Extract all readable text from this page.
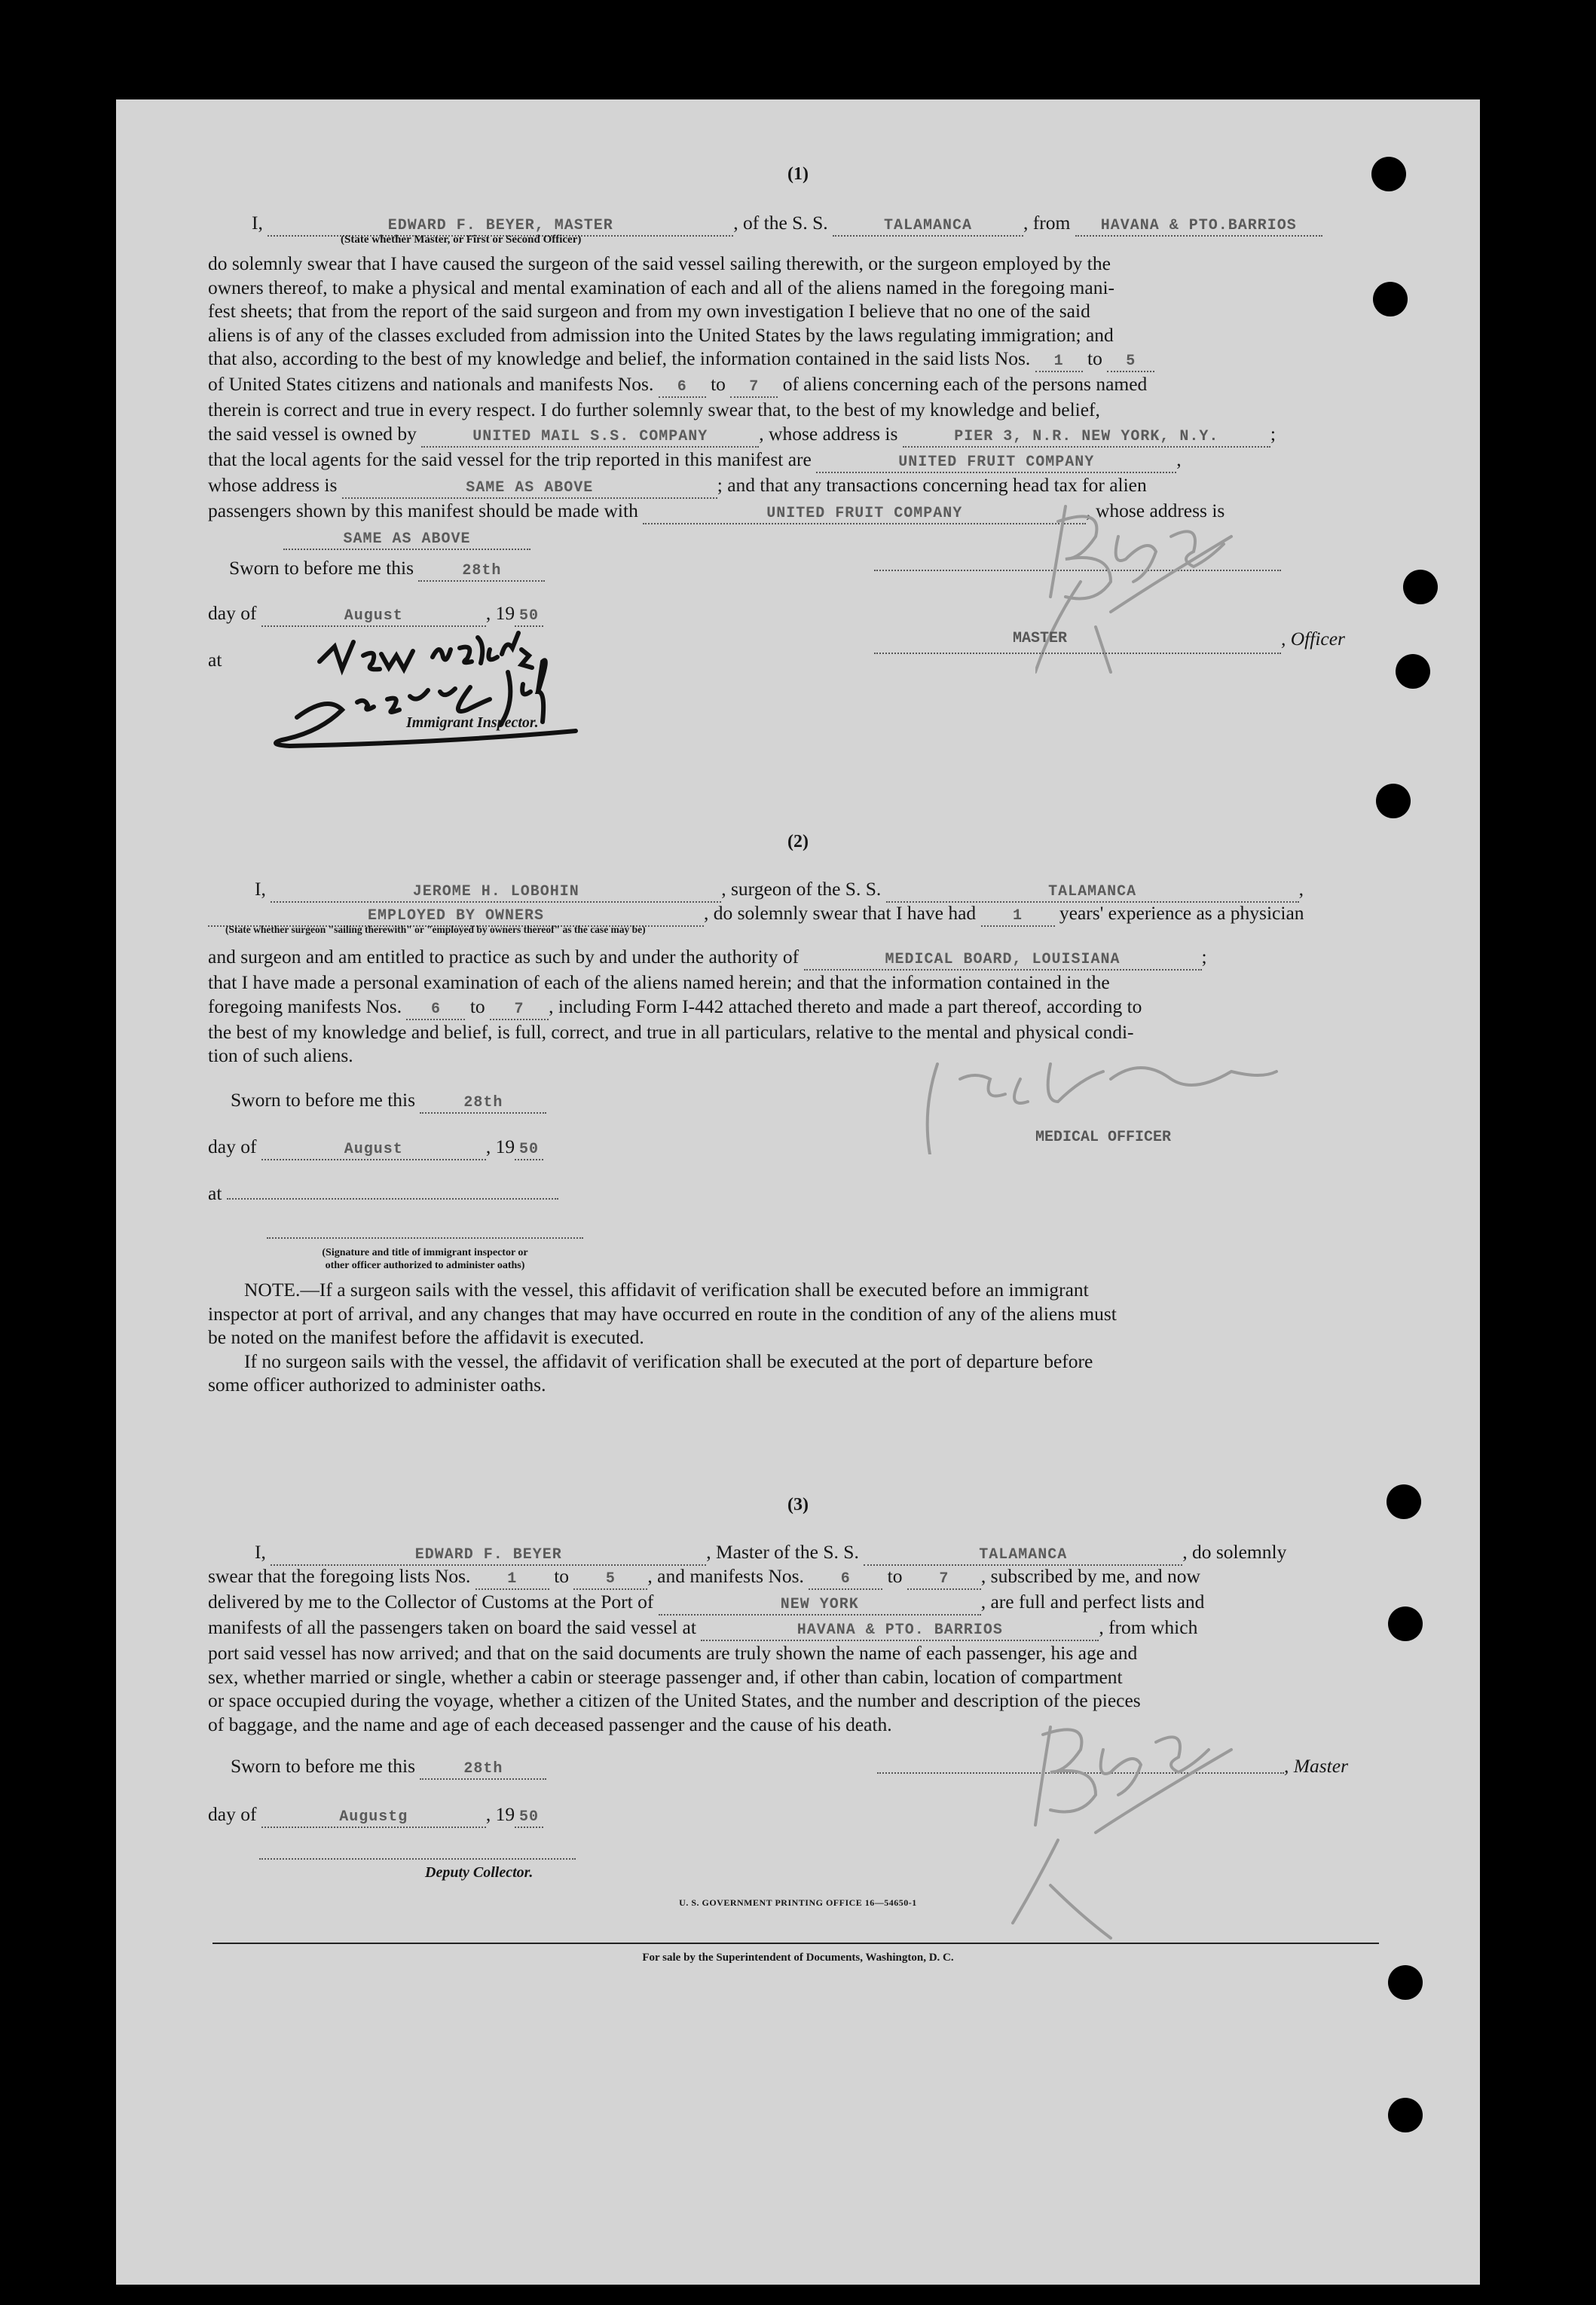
(1)
I,	EDWARD F. BEYER, MASTER	, of the S. S.	TALAMANCA	, from HAVANA & PTO.BARRIOS
(State whether Master, or First or Second Officer)
do solemnly swear that I have caused the surgeon of the said vessel sailing therewith, or the surgeon employed by the
owners thereof, to make a physical and mental examination of each and all of the aliens named in the foregoing mani-
fest sheets; that from the report of the said surgeon and from my own investigation I believe that no one of the said
aliens is of any of the classes excluded from admission into the United States by the laws regulating immigration; and
that also, according to the best of my knowledge and belief, the information contained in the said lists Nos. 1 to 5
of United States citizens and nationals and manifests Nos. 6 to 7 of aliens concerning each of the persons named
therein is correct and true in every respect. I do further solemnly swear that, to the best of my knowledge and belief,
the said vessel is owned by	UNITED MAIL S.S. COMPANY	, whose address is	PIER 3, N.R. NEW YORK, N.Y.	;
that the local agents for the said vessel for the trip reported in this manifest are	UNITED FRUIT COMPANY	,
whose address is	SAME AS ABOVE	; and that any transactions concerning head tax for alien
passengers shown by this manifest should be made with	UNITED FRUIT COMPANY	, whose address is
SAME AS ABOVE
Sworn to before me this	28th
day of	August	, 19 50
at
Immigrant Inspector.
MASTER	, Officer
(2)
I,	JEROME H. LOBOHIN	, surgeon of the S. S.	TALAMANCA	,
EMPLOYED BY OWNERS	, do solemnly swear that I have had 1 years' experience as a physician
(State whether surgeon "sailing therewith" or "employed by owners thereof" as the case may be)
and surgeon and am entitled to practice as such by and under the authority of	MEDICAL BOARD, LOUISIANA	;
that I have made a personal examination of each of the aliens named herein; and that the information contained in the
foregoing manifests Nos. 6 to 7 , including Form I-442 attached thereto and made a part thereof, according to
the best of my knowledge and belief, is full, correct, and true in all particulars, relative to the mental and physical condi-
tion of such aliens.
Sworn to before me this	28th
day of	August	, 19 50
at
MEDICAL OFFICER
(Signature and title of immigrant inspector or
other officer authorized to administer oaths)
NOTE.—If a surgeon sails with the vessel, this affidavit of verification shall be executed before an immigrant
inspector at port of arrival, and any changes that may have occurred en route in the condition of any of the aliens must
be noted on the manifest before the affidavit is executed.
If no surgeon sails with the vessel, the affidavit of verification shall be executed at the port of departure before
some officer authorized to administer oaths.
(3)
I,	EDWARD F. BEYER	, Master of the S. S.	TALAMANCA	, do solemnly
swear that the foregoing lists Nos. 1 to 5 , and manifests Nos. 6 to 7 , subscribed by me, and now
delivered by me to the Collector of Customs at the Port of	NEW YORK	, are full and perfect lists and
manifests of all the passengers taken on board the said vessel at	HAVANA & PTO. BARRIOS	, from which
port said vessel has now arrived; and that on the said documents are truly shown the name of each passenger, his age and
sex, whether married or single, whether a cabin or steerage passenger and, if other than cabin, location of compartment
or space occupied during the voyage, whether a citizen of the United States, and the number and description of the pieces
of baggage, and the name and age of each deceased passenger and the cause of his death.
Sworn to before me this	28th
day of	Augustg	, 19 50
, Master
Deputy Collector.
U. S. GOVERNMENT PRINTING OFFICE 16—54650-1
For sale by the Superintendent of Documents, Washington, D. C.
